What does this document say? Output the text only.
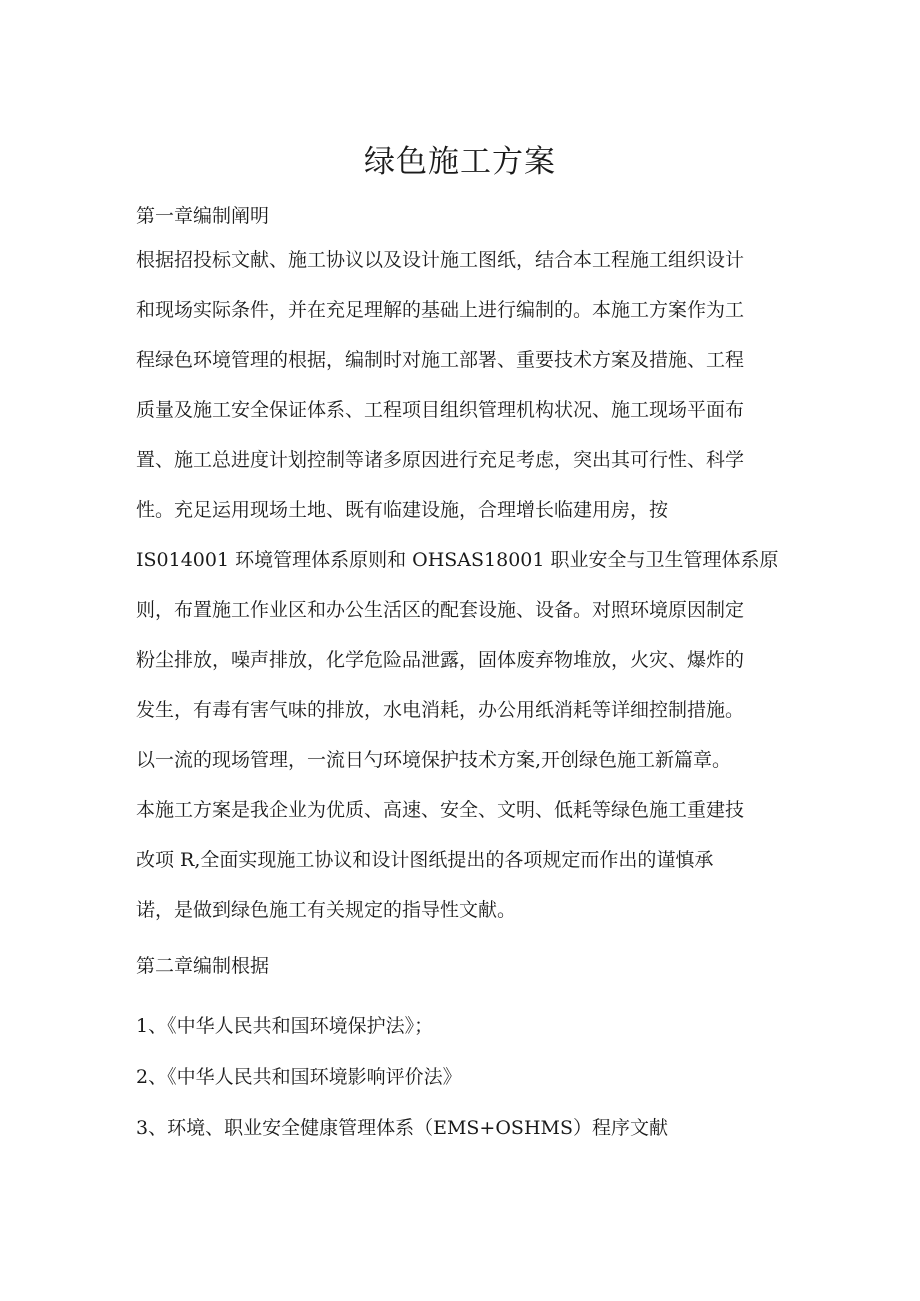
绿色施工方案
第一章编制阐明
根据招投标文献、施工协议以及设计施工图纸，结合本工程施工组织设计
和现场实际条件，并在充足理解的基础上进行编制的。本施工方案作为工
程绿色环境管理的根据，编制时对施工部署、重要技术方案及措施、工程
质量及施工安全保证体系、工程项目组织管理机构状况、施工现场平面布
置、施工总进度计划控制等诸多原因进行充足考虑，突出其可行性、科学
性。充足运用现场土地、既有临建设施，合理增长临建用房，按
IS014001 环境管理体系原则和 OHSAS18001 职业安全与卫生管理体系原
则，布置施工作业区和办公生活区的配套设施、设备。对照环境原因制定
粉尘排放，噪声排放，化学危险品泄露，固体废弃物堆放，火灾、爆炸的
发生，有毒有害气味的排放，水电消耗，办公用纸消耗等详细控制措施。
以一流的现场管理，一流日勺环境保护技术方案,开创绿色施工新篇章。
本施工方案是我企业为优质、高速、安全、文明、低耗等绿色施工重建技
改项 R,全面实现施工协议和设计图纸提出的各项规定而作出的谨慎承
诺，是做到绿色施工有关规定的指导性文献。
第二章编制根据
1、《中华人民共和国环境保护法》；
2、《中华人民共和国环境影响评价法》
3、环境、职业安全健康管理体系（EMS+OSHMS）程序文献
